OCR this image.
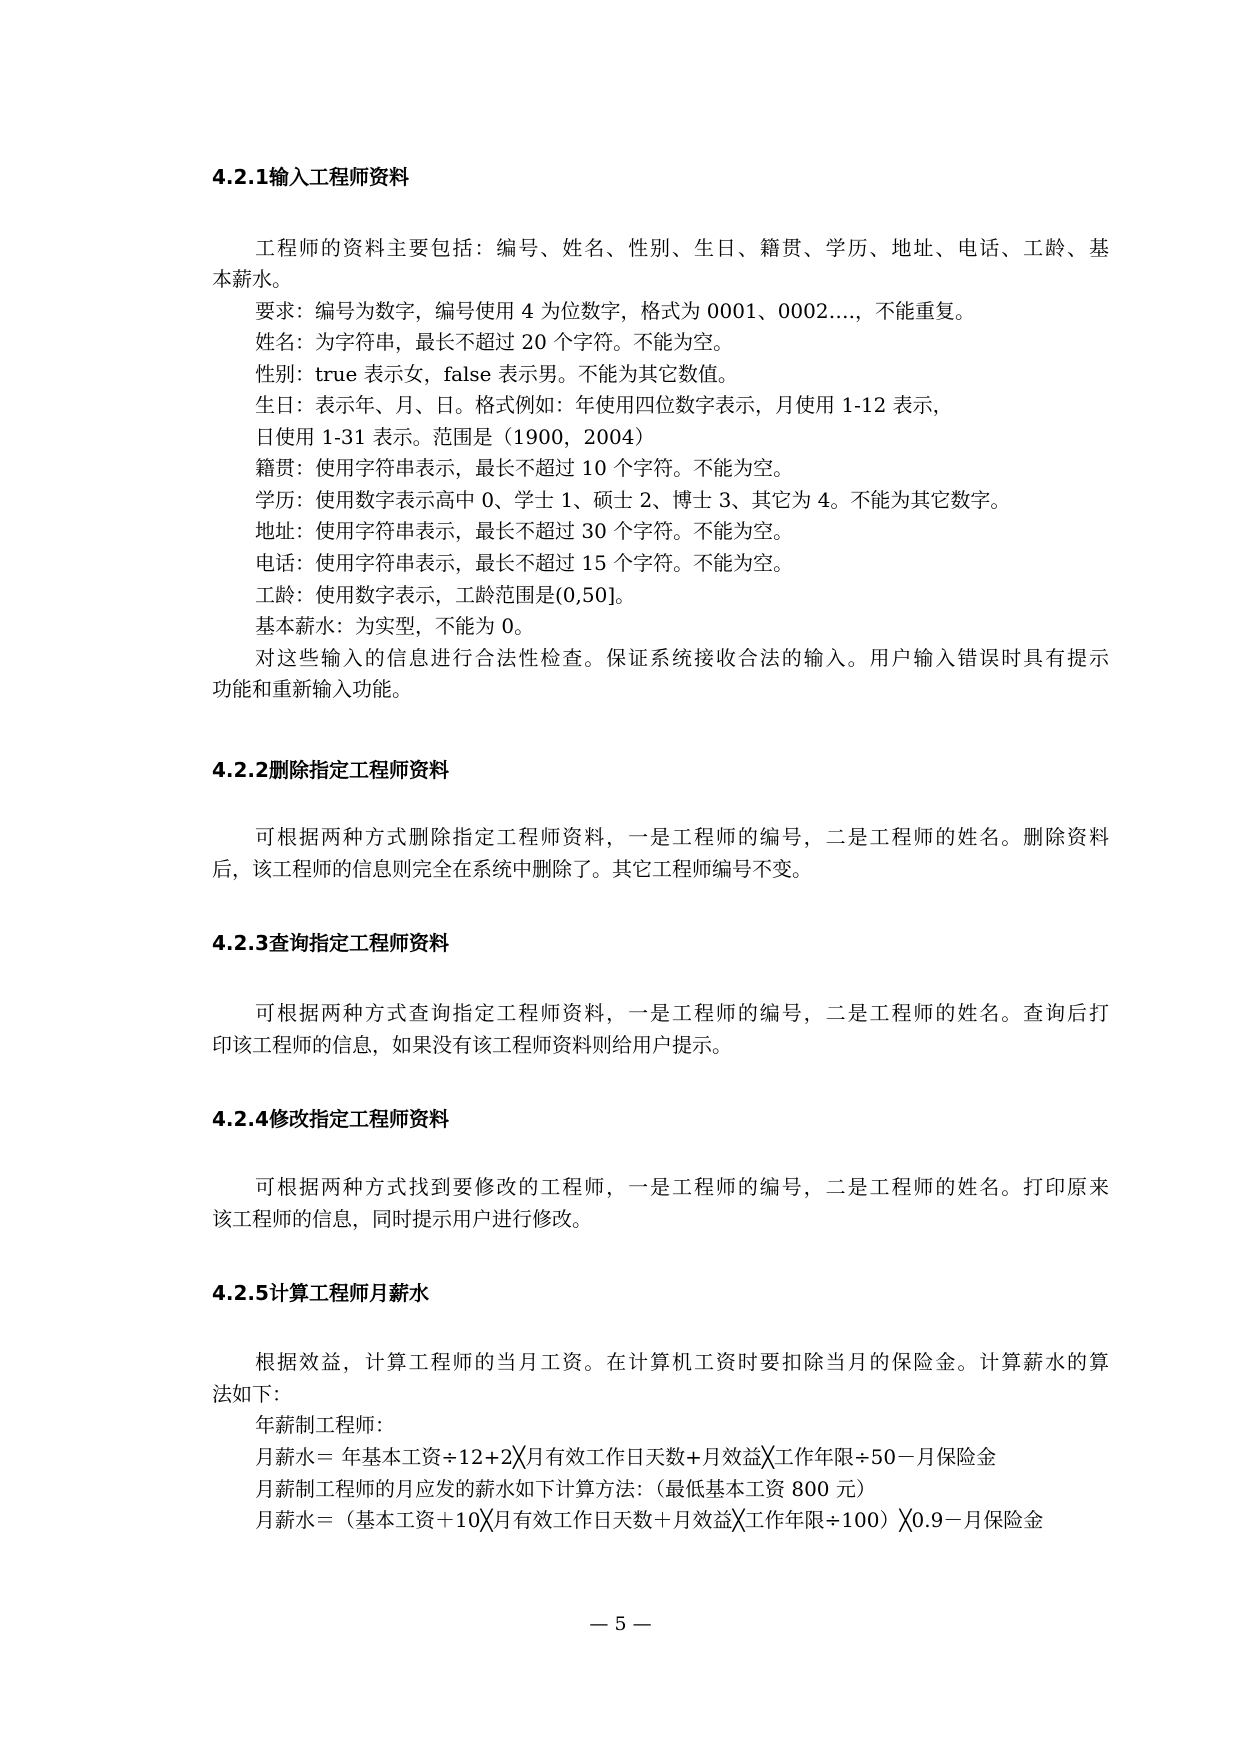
4.2.1输入工程师资料
工程师的资料主要包括：编号、姓名、性别、生日、籍贯、学历、地址、电话、工龄、基
本薪水。
要求：编号为数字，编号使用 4 为位数字，格式为 0001、0002….，不能重复。
姓名：为字符串，最长不超过 20 个字符。不能为空。
性别：true 表示女，false 表示男。不能为其它数值。
生日：表示年、月、日。格式例如：年使用四位数字表示，月使用 1-12 表示，
日使用 1-31 表示。范围是（1900，2004）
籍贯：使用字符串表示，最长不超过 10 个字符。不能为空。
学历：使用数字表示高中 0、学士 1、硕士 2、博士 3、其它为 4。不能为其它数字。
地址：使用字符串表示，最长不超过 30 个字符。不能为空。
电话：使用字符串表示，最长不超过 15 个字符。不能为空。
工龄：使用数字表示，工龄范围是(0,50]。
基本薪水：为实型，不能为 0。
对这些输入的信息进行合法性检查。保证系统接收合法的输入。用户输入错误时具有提示
功能和重新输入功能。
4.2.2删除指定工程师资料
可根据两种方式删除指定工程师资料，一是工程师的编号，二是工程师的姓名。删除资料
后，该工程师的信息则完全在系统中删除了。其它工程师编号不变。
4.2.3查询指定工程师资料
可根据两种方式查询指定工程师资料，一是工程师的编号，二是工程师的姓名。查询后打
印该工程师的信息，如果没有该工程师资料则给用户提示。
4.2.4修改指定工程师资料
可根据两种方式找到要修改的工程师，一是工程师的编号，二是工程师的姓名。打印原来
该工程师的信息，同时提示用户进行修改。
4.2.5计算工程师月薪水
根据效益，计算工程师的当月工资。在计算机工资时要扣除当月的保险金。计算薪水的算
法如下：
年薪制工程师：
月薪水＝ 年基本工资÷12+2╳月有效工作日天数+月效益╳工作年限÷50－月保险金
月薪制工程师的月应发的薪水如下计算方法：（最低基本工资 800 元）
月薪水＝（基本工资＋10╳月有效工作日天数＋月效益╳工作年限÷100）╳0.9－月保险金
— 5 —
